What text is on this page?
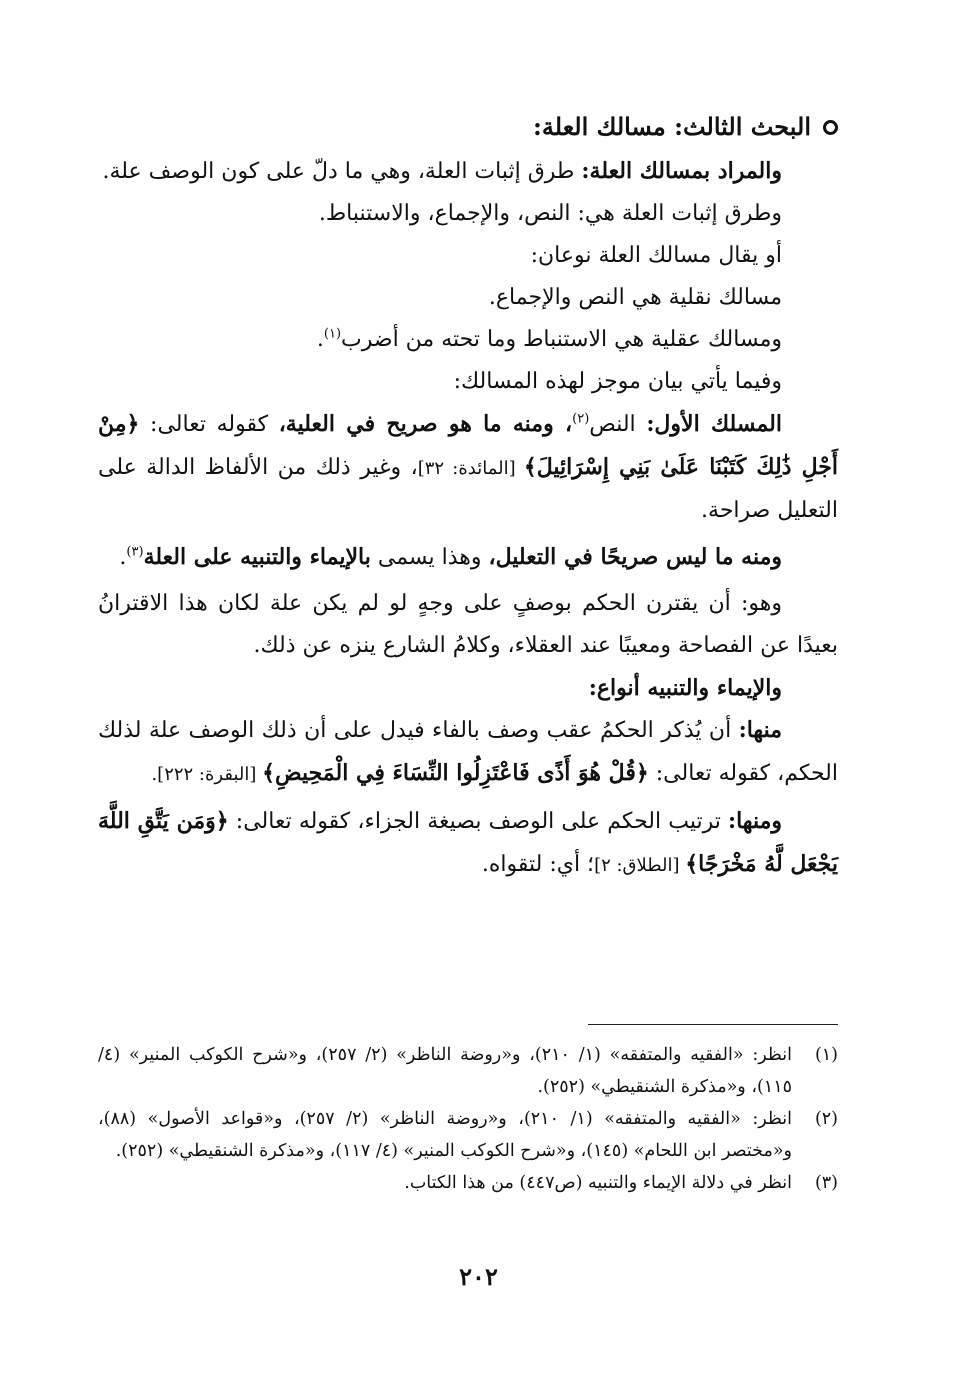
البحث الثالث: مسالك العلة:

والمراد بمسالك العلة: طرق إثبات العلة، وهي ما دلّ على كون الوصف علة.

وطرق إثبات العلة هي: النص، والإجماع، والاستنباط.

أو يقال مسالك العلة نوعان:

مسالك نقلية هي النص والإجماع.

ومسالك عقلية هي الاستنباط وما تحته من أضرب$^{(١)}$.

وفيما يأتي بيان موجز لهذه المسالك:

المسلك الأول: النص$^{(٢)}$، ومنه ما هو صريح في العلية، كقوله تعالى: ﴿مِنْ أَجْلِ ذَٰلِكَ كَتَبْنَا عَلَىٰ بَنِي إِسْرَائِيلَ﴾ [المائدة: ٣٢]، وغير ذلك من الألفاظ الدالة على التعليل صراحة.

ومنه ما ليس صريحًا في التعليل، وهذا يسمى بالإيماء والتنبيه على العلة$^{(٣)}$.

وهو: أن يقترن الحكم بوصفٍ على وجهٍ لو لم يكن علة لكان هذا الاقترانُ بعيدًا عن الفصاحة ومعيبًا عند العقلاء، وكلامُ الشارع ينزه عن ذلك.

والإيماء والتنبيه أنواع:

منها: أن يُذكر الحكمُ عقب وصف بالفاء فيدل على أن ذلك الوصف علة لذلك الحكم، كقوله تعالى: ﴿قُلْ هُوَ أَذًى فَاعْتَزِلُوا النِّسَاءَ فِي الْمَحِيضِ﴾ [البقرة: ٢٢٢].

ومنها: ترتيب الحكم على الوصف بصيغة الجزاء، كقوله تعالى: ﴿وَمَن يَتَّقِ اللَّهَ يَجْعَل لَّهُ مَخْرَجًا﴾ [الطلاق: ٢]؛ أي: لتقواه.

(١)
انظر: «الفقيه والمتفقه» (١/ ٢١٠)، و«روضة الناظر» (٢/ ٢٥٧)، و«شرح الكوكب المنير» (٤/ ١١٥)، و«مذكرة الشنقيطي» (٢٥٢).
(٢)
انظر: «الفقيه والمتفقه» (١/ ٢١٠)، و«روضة الناظر» (٢/ ٢٥٧)، و«قواعد الأصول» (٨٨)، و«مختصر ابن اللحام» (١٤٥)، و«شرح الكوكب المنير» (٤/ ١١٧)، و«مذكرة الشنقيطي» (٢٥٢).
(٣)
انظر في دلالة الإيماء والتنبيه (ص٤٤٧) من هذا الكتاب.
٢٠٢
